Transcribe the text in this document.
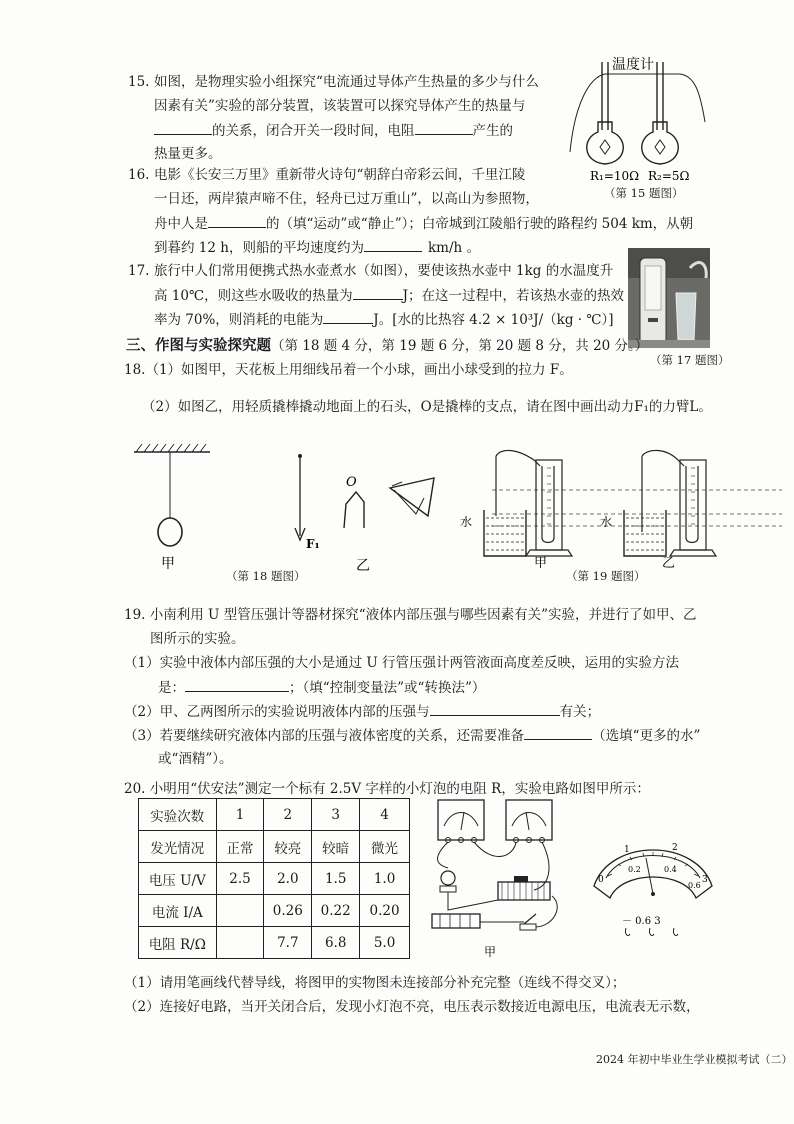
15. 如图，是物理实验小组探究“电流通过导体产生热量的多少与什么
因素有关”实验的部分装置，该装置可以探究导体产生的热量与
的关系，闭合开关一段时间，电阻	产生的
热量更多。
温度计
R₁=10Ω R₂=5Ω
（第 15 题图）
16. 电影《长安三万里》重新带火诗句“朝辞白帝彩云间，千里江陵
一日还，两岸猿声啼不住，轻舟已过万重山”，以高山为参照物，
舟中人是	的（填“运动”或“静止”）；白帝城到江陵船行驶的路程约 504 km，从朝
到暮约 12 h，则船的平均速度约为	km/h 。
17. 旅行中人们常用便携式热水壶煮水（如图），要使该热水壶中 1kg 的水温度升
高 10℃，则这些水吸收的热量为	J；在这一过程中，若该热水壶的热效
率为 70%，则消耗的电能为	J。[水的比热容 4.2 × 10³J/（kg · ℃）]
（第 17 题图）
三、作图与实验探究题（第 18 题 4 分，第 19 题 6 分，第 20 题 8 分，共 20 分。）
18.（1）如图甲，天花板上用细线吊着一个小球，画出小球受到的拉力 F。
（2）如图乙，用轻质撬棒撬动地面上的石头，O是撬棒的支点，请在图中画出动力F₁的力臂L。
甲
F₁
O
乙
（第 18 题图）
水
甲
水
乙
（第 19 题图）
19. 小南利用 U 型管压强计等器材探究“液体内部压强与哪些因素有关”实验，并进行了如甲、乙
图所示的实验。
（1）实验中液体内部压强的大小是通过 U 行管压强计两管液面高度差反映，运用的实验方法
是：	；（填“控制变量法”或“转换法”）
（2）甲、乙两图所示的实验说明液体内部的压强与	有关；
（3）若要继续研究液体内部的压强与液体密度的关系，还需要准备	（选填“更多的水”
或“酒精”）。
20. 小明用“伏安法”测定一个标有 2.5V 字样的小灯泡的电阻 R，实验电路如图甲所示：
实验次数	1	2	3	4
发光情况	正常	较亮	较暗	微光
电压 U/V	2.5	2.0	1.5	1.0
电流 I/A		0.26	0.22	0.20
电阻 R/Ω		7.7	6.8	5.0
甲
0
1	2
3
0.2	0.4
0.6
－ 0.6 3
（1）请用笔画线代替导线，将图甲的实物图未连接部分补充完整（连线不得交叉）；
（2）连接好电路，当开关闭合后，发现小灯泡不亮，电压表示数接近电源电压，电流表无示数，
2024 年初中毕业生学业模拟考试（二）
